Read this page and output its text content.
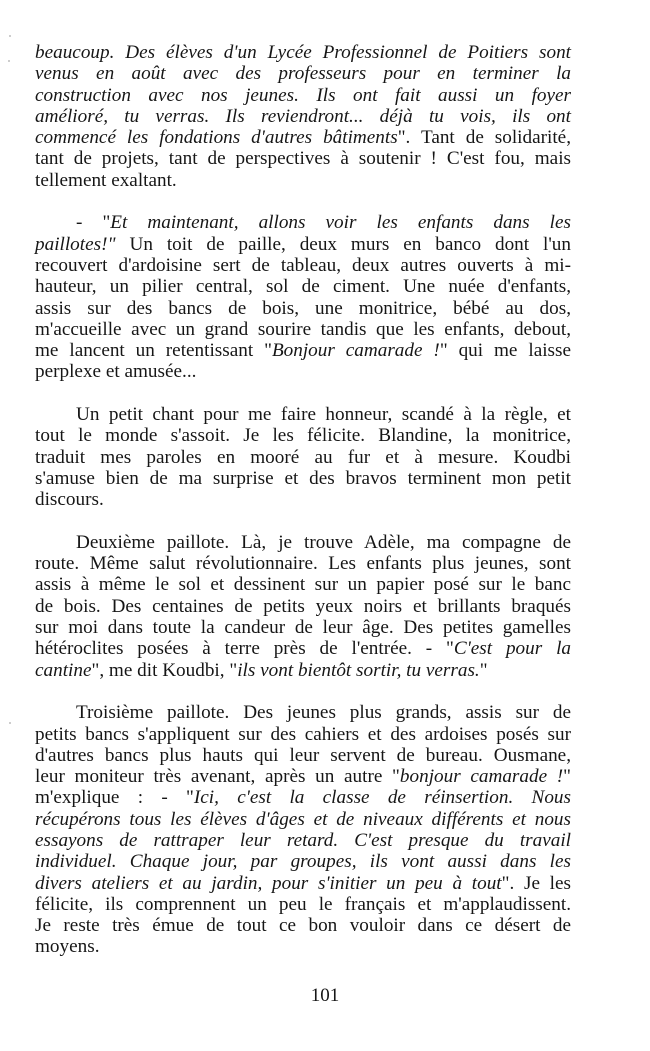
beaucoup. Des élèves d'un Lycée Professionnel de Poitiers sont
venus en août avec des professeurs pour en terminer la
construction avec nos jeunes. Ils ont fait aussi un foyer
amélioré, tu verras. Ils reviendront... déjà tu vois, ils ont
commencé les fondations d'autres bâtiments". Tant de solidarité,
tant de projets, tant de perspectives à soutenir ! C'est fou, mais
tellement exaltant.
- "Et maintenant, allons voir les enfants dans les
paillotes!" Un toit de paille, deux murs en banco dont l'un
recouvert d'ardoisine sert de tableau, deux autres ouverts à mi-
hauteur, un pilier central, sol de ciment. Une nuée d'enfants,
assis sur des bancs de bois, une monitrice, bébé au dos,
m'accueille avec un grand sourire tandis que les enfants, debout,
me lancent un retentissant "Bonjour camarade !" qui me laisse
perplexe et amusée...
Un petit chant pour me faire honneur, scandé à la règle, et
tout le monde s'assoit. Je les félicite. Blandine, la monitrice,
traduit mes paroles en mooré au fur et à mesure. Koudbi
s'amuse bien de ma surprise et des bravos terminent mon petit
discours.
Deuxième paillote. Là, je trouve Adèle, ma compagne de
route. Même salut révolutionnaire. Les enfants plus jeunes, sont
assis à même le sol et dessinent sur un papier posé sur le banc
de bois. Des centaines de petits yeux noirs et brillants braqués
sur moi dans toute la candeur de leur âge. Des petites gamelles
hétéroclites posées à terre près de l'entrée. - "C'est pour la
cantine", me dit Koudbi, "ils vont bientôt sortir, tu verras."
Troisième paillote. Des jeunes plus grands, assis sur de
petits bancs s'appliquent sur des cahiers et des ardoises posés sur
d'autres bancs plus hauts qui leur servent de bureau. Ousmane,
leur moniteur très avenant, après un autre "bonjour camarade !"
m'explique : - "Ici, c'est la classe de réinsertion. Nous
récupérons tous les élèves d'âges et de niveaux différents et nous
essayons de rattraper leur retard. C'est presque du travail
individuel. Chaque jour, par groupes, ils vont aussi dans les
divers ateliers et au jardin, pour s'initier un peu à tout". Je les
félicite, ils comprennent un peu le français et m'applaudissent.
Je reste très émue de tout ce bon vouloir dans ce désert de
moyens.
101
